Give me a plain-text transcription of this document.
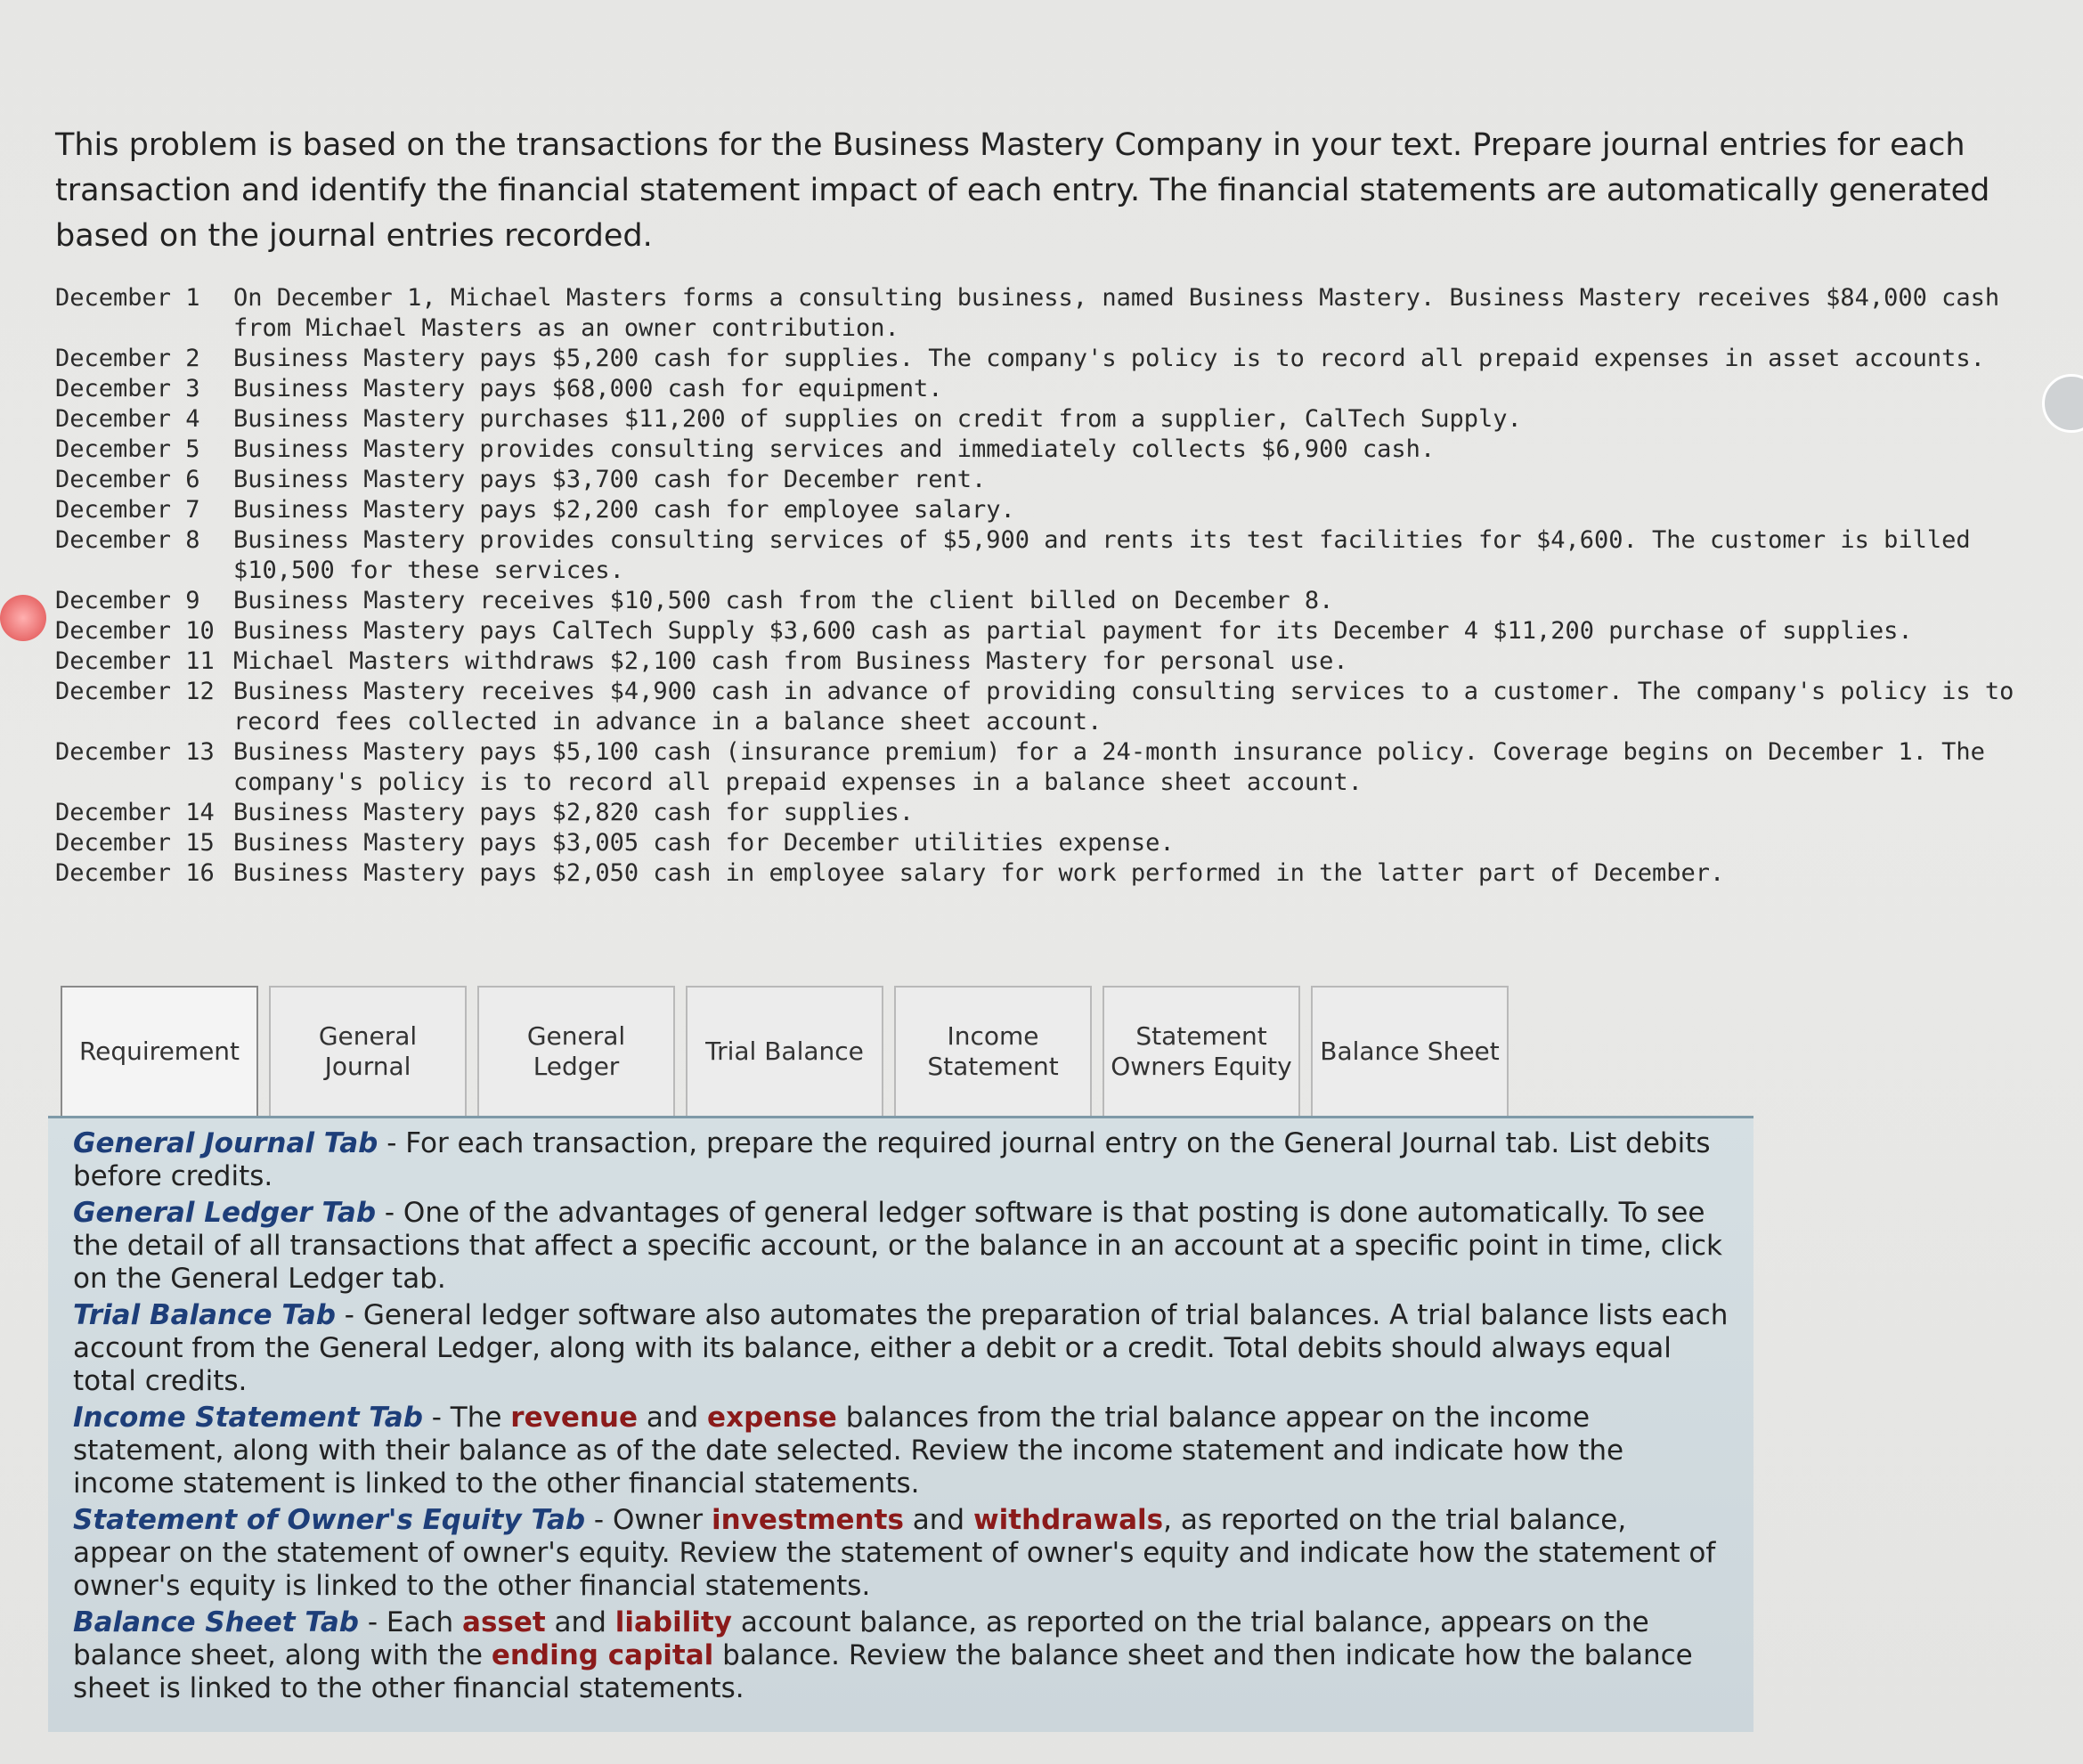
This problem is based on the transactions for the Business Mastery Company in your text. Prepare journal entries for each transaction and identify the financial statement impact of each entry. The financial statements are automatically generated based on the journal entries recorded.
December 1	On December 1, Michael Masters forms a consulting business, named Business Mastery. Business Mastery receives $84,000 cash from Michael Masters as an owner contribution.
December 2	Business Mastery pays $5,200 cash for supplies. The company's policy is to record all prepaid expenses in asset accounts.
December 3	Business Mastery pays $68,000 cash for equipment.
December 4	Business Mastery purchases $11,200 of supplies on credit from a supplier, CalTech Supply.
December 5	Business Mastery provides consulting services and immediately collects $6,900 cash.
December 6	Business Mastery pays $3,700 cash for December rent.
December 7	Business Mastery pays $2,200 cash for employee salary.
December 8	Business Mastery provides consulting services of $5,900 and rents its test facilities for $4,600. The customer is billed $10,500 for these services.
December 9	Business Mastery receives $10,500 cash from the client billed on December 8.
December 10 Business Mastery pays CalTech Supply $3,600 cash as partial payment for its December 4 $11,200 purchase of supplies.
December 11 Michael Masters withdraws $2,100 cash from Business Mastery for personal use.
December 12 Business Mastery receives $4,900 cash in advance of providing consulting services to a customer. The company's policy is to record fees collected in advance in a balance sheet account.
December 13 Business Mastery pays $5,100 cash (insurance premium) for a 24-month insurance policy. Coverage begins on December 1. The company's policy is to record all prepaid expenses in a balance sheet account.
December 14 Business Mastery pays $2,820 cash for supplies.
December 15 Business Mastery pays $3,005 cash for December utilities expense.
December 16 Business Mastery pays $2,050 cash in employee salary for work performed in the latter part of December.
Requirement
General Journal
General Ledger
Trial Balance
Income Statement
Statement Owners Equity
Balance Sheet

General Journal Tab - For each transaction, prepare the required journal entry on the General Journal tab. List debits before credits.

General Ledger Tab - One of the advantages of general ledger software is that posting is done automatically. To see the detail of all transactions that affect a specific account, or the balance in an account at a specific point in time, click on the General Ledger tab.

Trial Balance Tab - General ledger software also automates the preparation of trial balances. A trial balance lists each account from the General Ledger, along with its balance, either a debit or a credit. Total debits should always equal total credits.

Income Statement Tab - The revenue and expense balances from the trial balance appear on the income statement, along with their balance as of the date selected. Review the income statement and indicate how the income statement is linked to the other financial statements.

Statement of Owner's Equity Tab - Owner investments and withdrawals, as reported on the trial balance, appear on the statement of owner's equity. Review the statement of owner's equity and indicate how the statement of owner's equity is linked to the other financial statements.

Balance Sheet Tab - Each asset and liability account balance, as reported on the trial balance, appears on the balance sheet, along with the ending capital balance. Review the balance sheet and then indicate how the balance sheet is linked to the other financial statements.
